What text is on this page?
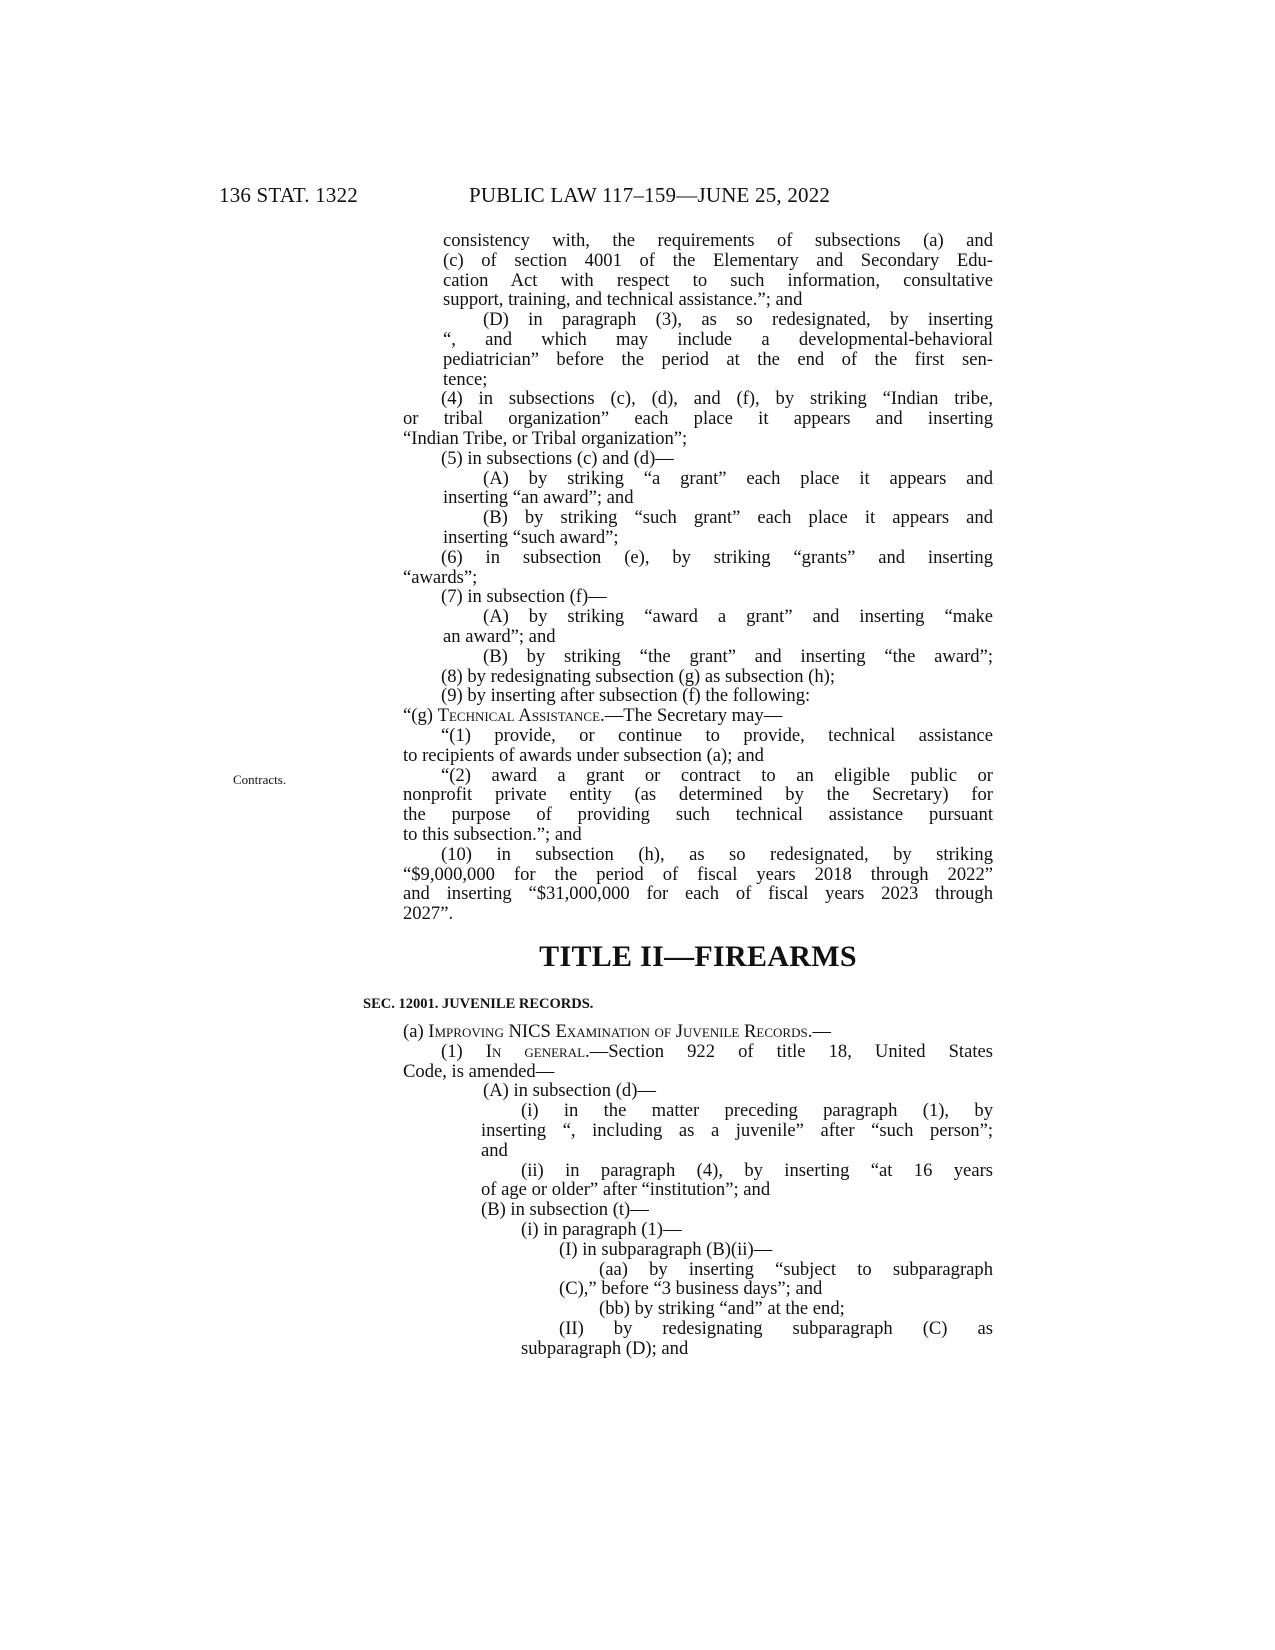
136 STAT. 1322	PUBLIC LAW 117–159—JUNE 25, 2022
Contracts.
consistency with, the requirements of subsections (a) and
(c) of section 4001 of the Elementary and Secondary Edu-
cation Act with respect to such information, consultative
support, training, and technical assistance.”; and
(D) in paragraph (3), as so redesignated, by inserting
“, and which may include a developmental-behavioral
pediatrician” before the period at the end of the first sen-
tence;
(4) in subsections (c), (d), and (f), by striking “Indian tribe,
or tribal organization” each place it appears and inserting
“Indian Tribe, or Tribal organization”;
(5) in subsections (c) and (d)—
(A) by striking “a grant” each place it appears and
inserting “an award”; and
(B) by striking “such grant” each place it appears and
inserting “such award”;
(6) in subsection (e), by striking “grants” and inserting
“awards”;
(7) in subsection (f)—
(A) by striking “award a grant” and inserting “make
an award”; and
(B) by striking “the grant” and inserting “the award”;
(8) by redesignating subsection (g) as subsection (h);
(9) by inserting after subsection (f) the following:
“(g) Technical Assistance.—The Secretary may—
“(1) provide, or continue to provide, technical assistance
to recipients of awards under subsection (a); and
“(2) award a grant or contract to an eligible public or
nonprofit private entity (as determined by the Secretary) for
the purpose of providing such technical assistance pursuant
to this subsection.”; and
(10) in subsection (h), as so redesignated, by striking
“$9,000,000 for the period of fiscal years 2018 through 2022”
and inserting “$31,000,000 for each of fiscal years 2023 through
2027”.
TITLE II—FIREARMS
SEC. 12001. JUVENILE RECORDS.
(a) Improving NICS Examination of Juvenile Records.—
(1) In general.—Section 922 of title 18, United States
Code, is amended—
(A) in subsection (d)—
(i) in the matter preceding paragraph (1), by
inserting “, including as a juvenile” after “such person”;
and
(ii) in paragraph (4), by inserting “at 16 years
of age or older” after “institution”; and
(B) in subsection (t)—
(i) in paragraph (1)—
(I) in subparagraph (B)(ii)—
(aa) by inserting “subject to subparagraph
(C),” before “3 business days”; and
(bb) by striking “and” at the end;
(II) by redesignating subparagraph (C) as
subparagraph (D); and
